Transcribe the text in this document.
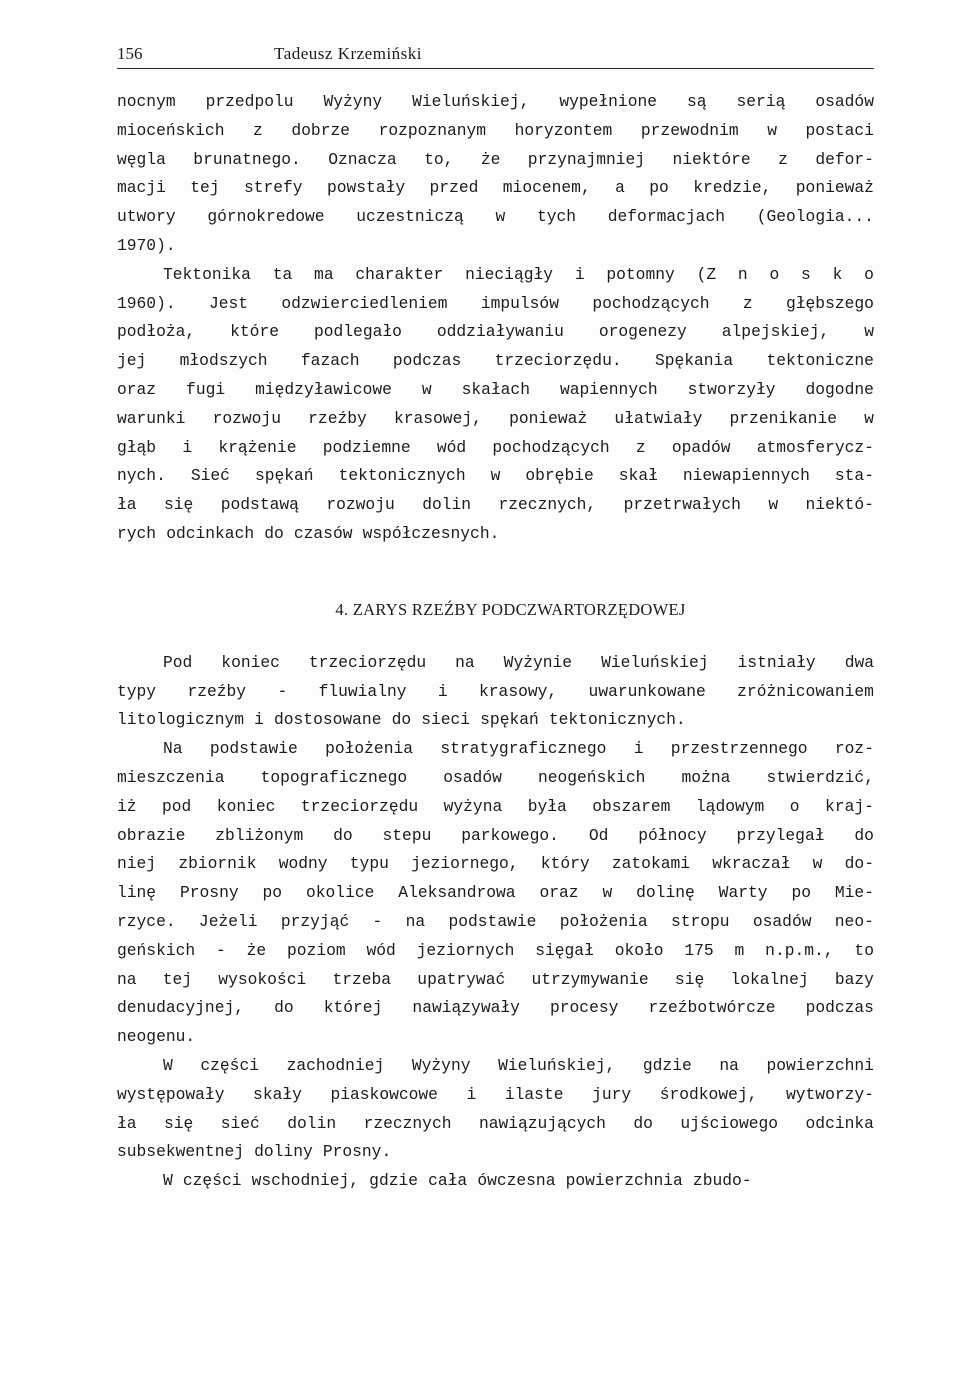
156	Tadeusz Krzemiński
nocnym przedpolu Wyżyny Wieluńskiej, wypełnione są serią osadów
mioceńskich z dobrze rozpoznanym horyzontem przewodnim w postaci
węgla brunatnego. Oznacza to, że przynajmniej niektóre z defor-
macji tej strefy powstały przed miocenem, a po kredzie, ponieważ
utwory górnokredowe uczestniczą w tych deformacjach (Geologia...
1970).
Tektonika ta ma charakter nieciągły i potomny (Z n o s k o
1960). Jest odzwierciedleniem impulsów pochodzących z głębszego
podłoża, które podlegało oddziaływaniu orogenezy alpejskiej, w
jej młodszych fazach podczas trzeciorzędu. Spękania tektoniczne
oraz fugi międzyławicowe w skałach wapiennych stworzyły dogodne
warunki rozwoju rzeźby krasowej, ponieważ ułatwiały przenikanie w
głąb i krążenie podziemne wód pochodzących z opadów atmosferycz-
nych. Sieć spękań tektonicznych w obrębie skał niewapiennych sta-
ła się podstawą rozwoju dolin rzecznych, przetrwałych w niektó-
rych odcinkach do czasów współczesnych.
4. ZARYS RZEŹBY PODCZWARTORZĘDOWEJ
Pod koniec trzeciorzędu na Wyżynie Wieluńskiej istniały dwa
typy rzeźby - fluwialny i krasowy, uwarunkowane zróżnicowaniem
litologicznym i dostosowane do sieci spękań tektonicznych.
Na podstawie położenia stratygraficznego i przestrzennego roz-
mieszczenia topograficznego osadów neogeńskich można stwierdzić,
iż pod koniec trzeciorzędu wyżyna była obszarem lądowym o kraj-
obrazie zbliżonym do stepu parkowego. Od północy przylegał do
niej zbiornik wodny typu jeziornego, który zatokami wkraczał w do-
linę Prosny po okolice Aleksandrowa oraz w dolinę Warty po Mie-
rzyce. Jeżeli przyjąć - na podstawie położenia stropu osadów neo-
geńskich - że poziom wód jeziornych sięgał około 175 m n.p.m., to
na tej wysokości trzeba upatrywać utrzymywanie się lokalnej bazy
denudacyjnej, do której nawiązywały procesy rzeźbotwórcze podczas
neogenu.
W części zachodniej Wyżyny Wieluńskiej, gdzie na powierzchni
występowały skały piaskowcowe i ilaste jury środkowej, wytworzy-
ła się sieć dolin rzecznych nawiązujących do ujściowego odcinka
subsekwentnej doliny Prosny.
W części wschodniej, gdzie cała ówczesna powierzchnia zbudo-
